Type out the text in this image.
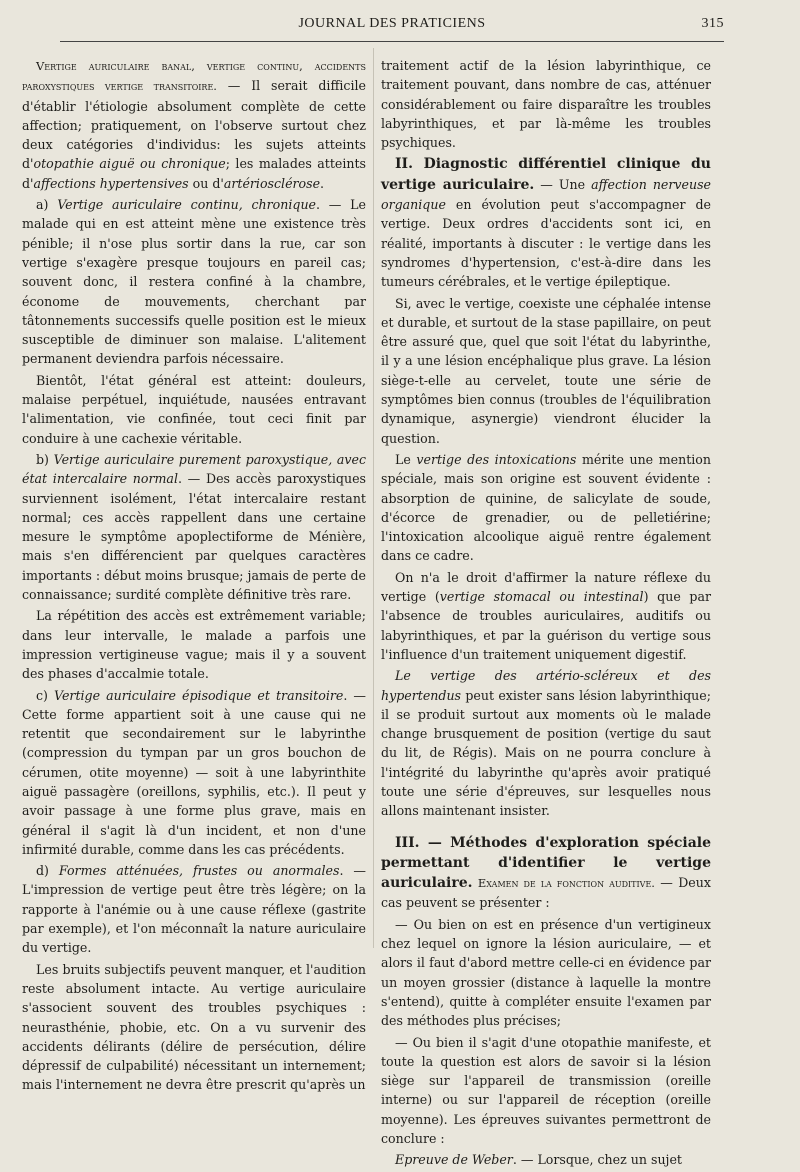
JOURNAL DES PRATICIENS	315

Vertige auriculaire banal, vertige continu, accidents paroxystiques vertige transitoire. — Il serait difficile d'établir l'étiologie absolument complète de cette affection; pratiquement, on l'observe surtout chez deux catégories d'individus: les sujets atteints d'otopathie aiguë ou chronique; les malades atteints d'affections hypertensives ou d'artériosclérose.

a) Vertige auriculaire continu, chronique. — Le malade qui en est atteint mène une existence très pénible; il n'ose plus sortir dans la rue, car son vertige s'exagère presque toujours en pareil cas; souvent donc, il restera confiné à la chambre, économe de mouvements, cherchant par tâtonnements successifs quelle position est le mieux susceptible de diminuer son malaise. L'alitement permanent deviendra parfois nécessaire.

Bientôt, l'état général est atteint: douleurs, malaise perpétuel, inquiétude, nausées entravant l'alimentation, vie confinée, tout ceci finit par conduire à une cachexie véritable.

b) Vertige auriculaire purement paroxystique, avec état intercalaire normal. — Des accès paroxystiques surviennent isolément, l'état intercalaire restant normal; ces accès rappellent dans une certaine mesure le symptôme apoplectiforme de Ménière, mais s'en différencient par quelques caractères importants : début moins brusque; jamais de perte de connaissance; surdité complète définitive très rare.

La répétition des accès est extrêmement variable; dans leur intervalle, le malade a parfois une impression vertigineuse vague; mais il y a souvent des phases d'accalmie totale.

c) Vertige auriculaire épisodique et transitoire. — Cette forme appartient soit à une cause qui ne retentit que secondairement sur le labyrinthe (compression du tympan par un gros bouchon de cérumen, otite moyenne) — soit à une labyrinthite aiguë passagère (oreillons, syphilis, etc.). Il peut y avoir passage à une forme plus grave, mais en général il s'agit là d'un incident, et non d'une infirmité durable, comme dans les cas précédents.

d) Formes atténuées, frustes ou anormales. — L'impression de vertige peut être très légère; on la rapporte à l'anémie ou à une cause réflexe (gastrite par exemple), et l'on méconnaît la nature auriculaire du vertige.

Les bruits subjectifs peuvent manquer, et l'audition reste absolument intacte. Au vertige auriculaire s'associent souvent des troubles psychiques : neurasthénie, phobie, etc. On a vu survenir des accidents délirants (délire de persécution, délire dépressif de culpabilité) nécessitant un internement; mais l'internement ne devra être prescrit qu'après un

traitement actif de la lésion labyrinthique, ce traitement pouvant, dans nombre de cas, atténuer considérablement ou faire disparaître les troubles labyrinthiques, et par là-même les troubles psychiques.

II. Diagnostic différentiel clinique du vertige auriculaire. — Une affection nerveuse organique en évolution peut s'accompagner de vertige. Deux ordres d'accidents sont ici, en réalité, importants à discuter : le vertige dans les syndromes d'hypertension, c'est-à-dire dans les tumeurs cérébrales, et le vertige épileptique.

Si, avec le vertige, coexiste une céphalée intense et durable, et surtout de la stase papillaire, on peut être assuré que, quel que soit l'état du labyrinthe, il y a une lésion encéphalique plus grave. La lésion siège-t-elle au cervelet, toute une série de symptômes bien connus (troubles de l'équilibration dynamique, asynergie) viendront élucider la question.

Le vertige des intoxications mérite une mention spéciale, mais son origine est souvent évidente : absorption de quinine, de salicylate de soude, d'écorce de grenadier, ou de pelletiérine; l'intoxication alcoolique aiguë rentre également dans ce cadre.

On n'a le droit d'affirmer la nature réflexe du vertige (vertige stomacal ou intestinal) que par l'absence de troubles auriculaires, auditifs ou labyrinthiques, et par la guérison du vertige sous l'influence d'un traitement uniquement digestif.

Le vertige des artério-scléreux et des hypertendus peut exister sans lésion labyrinthique; il se produit surtout aux moments où le malade change brusquement de position (vertige du saut du lit, de Régis). Mais on ne pourra conclure à l'intégrité du labyrinthe qu'après avoir pratiqué toute une série d'épreuves, sur lesquelles nous allons maintenant insister.

III. — Méthodes d'exploration spéciale permettant d'identifier le vertige auriculaire. Examen de la fonction auditive. — Deux cas peuvent se présenter :

— Ou bien on est en présence d'un vertigineux chez lequel on ignore la lésion auriculaire, — et alors il faut d'abord mettre celle-ci en évidence par un moyen grossier (distance à laquelle la montre s'entend), quitte à compléter ensuite l'examen par des méthodes plus précises;

— Ou bien il s'agit d'une otopathie manifeste, et toute la question est alors de savoir si la lésion siège sur l'appareil de transmission (oreille interne) ou sur l'appareil de réception (oreille moyenne). Les épreuves suivantes permettront de conclure :

Epreuve de Weber. — Lorsque, chez un sujet
